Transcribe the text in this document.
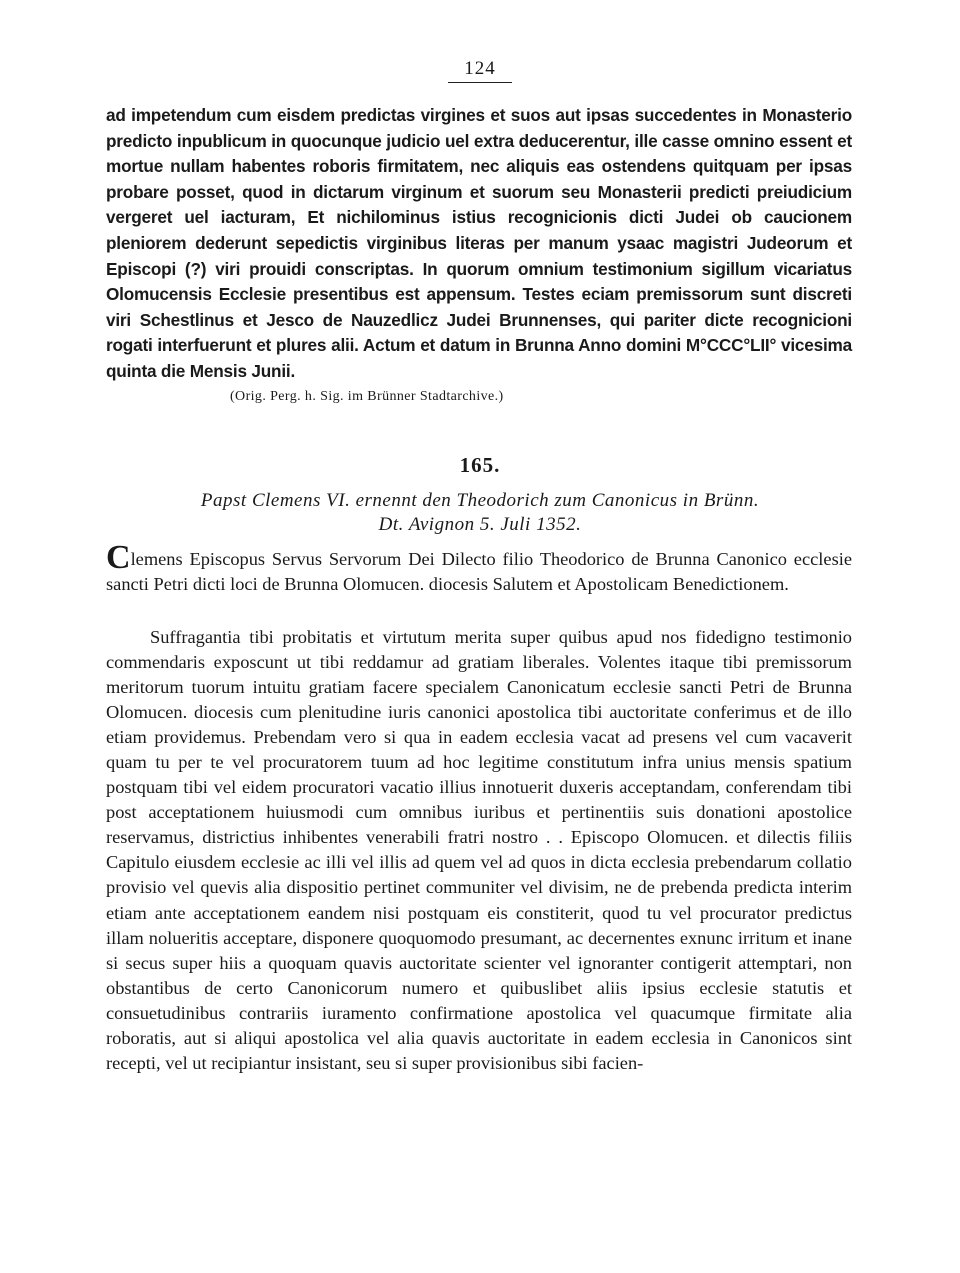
124

ad impetendum cum eisdem predictas virgines et suos aut ipsas succedentes in Monasterio predicto inpublicum in quocunque judicio uel extra deducerentur, ille casse omnino essent et mortue nullam habentes roboris firmitatem, nec aliquis eas ostendens quitquam per ipsas probare posset, quod in dictarum virginum et suorum seu Monasterii predicti preiudicium vergeret uel iacturam, Et nichilominus istius recognicionis dicti Judei ob caucionem pleniorem dederunt sepedictis virginibus literas per manum ysaac magistri Judeorum et Episcopi (?) viri prouidi conscriptas. In quorum omnium testimonium sigillum vicariatus Olomucensis Ecclesie presentibus est appensum. Testes eciam premissorum sunt discreti viri Schestlinus et Jesco de Nauzedlicz Judei Brunnenses, qui pariter dicte recognicioni rogati interfuerunt et plures alii. Actum et datum in Brunna Anno domini M°CCC°LII° vicesima quinta die Mensis Junii.

(Orig. Perg. h. Sig. im Brünner Stadtarchive.)
165.
Papst Clemens VI. ernennt den Theodorich zum Canonicus in Brünn.
Dt. Avignon 5. Juli 1352.

Clemens Episcopus Servus Servorum Dei Dilecto filio Theodorico de Brunna Canonico ecclesie sancti Petri dicti loci de Brunna Olomucen. diocesis Salutem et Apostolicam Benedictionem.

Suffragantia tibi probitatis et virtutum merita super quibus apud nos fidedigno testimonio commendaris exposcunt ut tibi reddamur ad gratiam liberales. Volentes itaque tibi premissorum meritorum tuorum intuitu gratiam facere specialem Canonicatum ecclesie sancti Petri de Brunna Olomucen. diocesis cum plenitudine iuris canonici apostolica tibi auctoritate conferimus et de illo etiam providemus. Prebendam vero si qua in eadem ecclesia vacat ad presens vel cum vacaverit quam tu per te vel procuratorem tuum ad hoc legitime constitutum infra unius mensis spatium postquam tibi vel eidem procuratori vacatio illius innotuerit duxeris acceptandam, conferendam tibi post acceptationem huiusmodi cum omnibus iuribus et pertinentiis suis donationi apostolice reservamus, districtius inhibentes venerabili fratri nostro . . Episcopo Olomucen. et dilectis filiis Capitulo eiusdem ecclesie ac illi vel illis ad quem vel ad quos in dicta ecclesia prebendarum collatio provisio vel quevis alia dispositio pertinet communiter vel divisim, ne de prebenda predicta interim etiam ante acceptationem eandem nisi postquam eis constiterit, quod tu vel procurator predictus illam nolueritis acceptare, disponere quoquomodo presumant, ac decernentes exnunc irritum et inane si secus super hiis a quoquam quavis auctoritate scienter vel ignoranter contigerit attemptari, non obstantibus de certo Canonicorum numero et quibuslibet aliis ipsius ecclesie statutis et consuetudinibus contrariis iuramento confirmatione apostolica vel quacumque firmitate alia roboratis, aut si aliqui apostolica vel alia quavis auctoritate in eadem ecclesia in Canonicos sint recepti, vel ut recipiantur insistant, seu si super provisionibus sibi facien-
